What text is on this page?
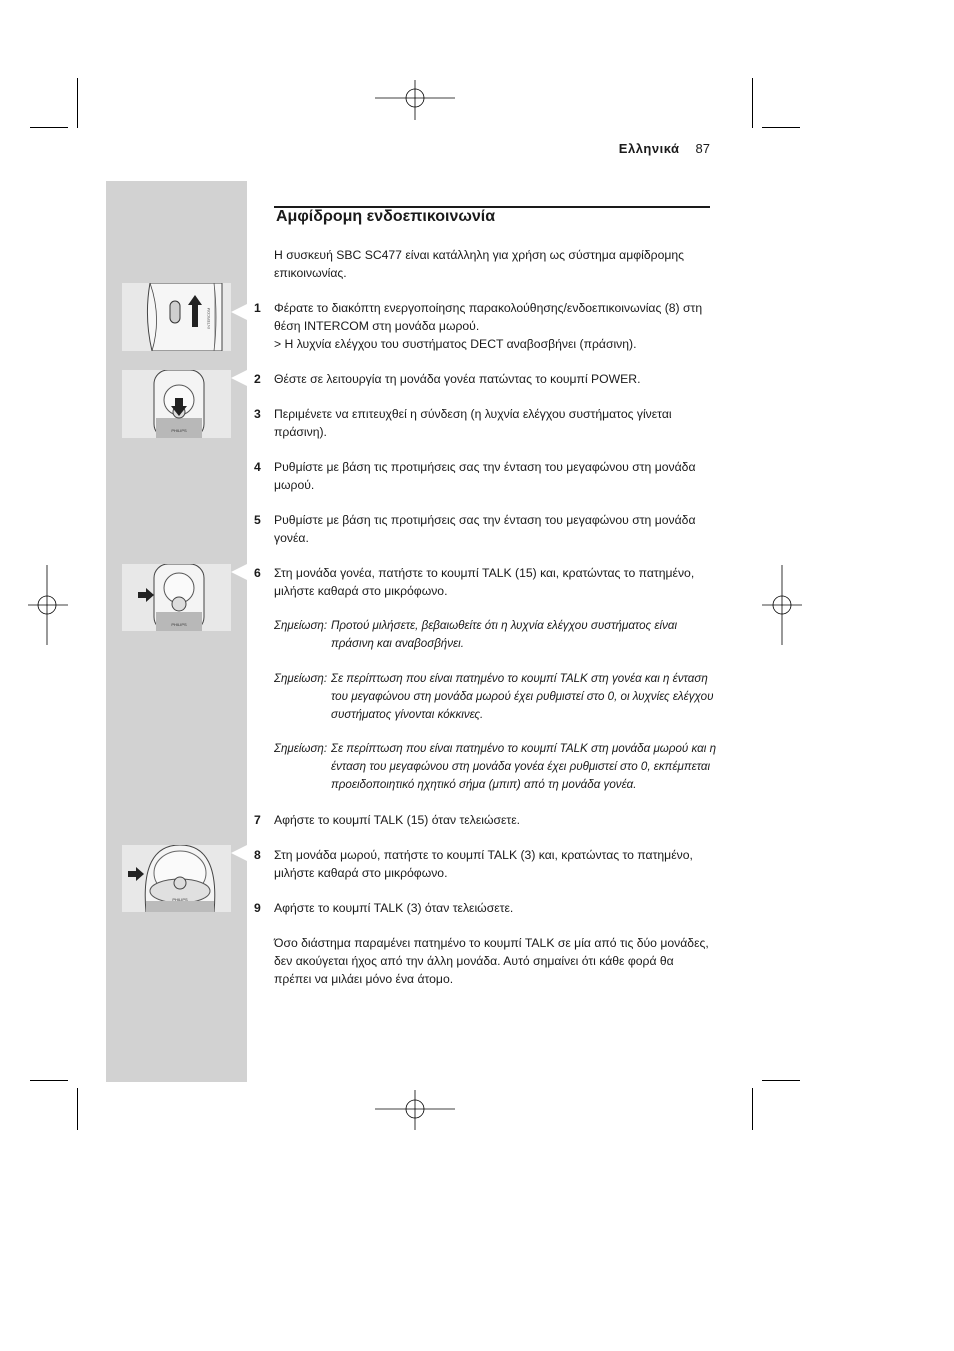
INTERCOM
PHILIPS
PHILIPS
PHILIPS
Ελληνικά 87
Αμφίδρομη ενδοεπικοινωνία
Η συσκευή SBC SC477 είναι κατάλληλη για χρήση ως σύστημα αμφίδρομης επικοινωνίας.
1 Φέρατε το διακόπτη ενεργοποίησης παρακολούθησης/ενδοεπικοινωνίας (8) στη θέση INTERCOM στη μονάδα μωρού.
> Η λυχνία ελέγχου του συστήματος DECT αναβοσβήνει (πράσινη).
2 Θέστε σε λειτουργία τη μονάδα γονέα πατώντας το κουμπί POWER.
3 Περιμένετε να επιτευχθεί η σύνδεση (η λυχνία ελέγχου συστήματος γίνεται πράσινη).
4 Ρυθμίστε με βάση τις προτιμήσεις σας την ένταση του μεγαφώνου στη μονάδα μωρού.
5 Ρυθμίστε με βάση τις προτιμήσεις σας την ένταση του μεγαφώνου στη μονάδα γονέα.
6 Στη μονάδα γονέα, πατήστε το κουμπί TALK (15) και, κρατώντας το πατημένο, μιλήστε καθαρά στο μικρόφωνο.
Σημείωση: Προτού μιλήσετε, βεβαιωθείτε ότι η λυχνία ελέγχου συστήματος είναι πράσινη και αναβοσβήνει.
Σημείωση: Σε περίπτωση που είναι πατημένο το κουμπί TALK στη γονέα και η ένταση του μεγαφώνου στη μονάδα μωρού έχει ρυθμιστεί στο 0, οι λυχνίες ελέγχου συστήματος γίνονται κόκκινες.
Σημείωση: Σε περίπτωση που είναι πατημένο το κουμπί TALK στη μονάδα μωρού και η ένταση του μεγαφώνου στη μονάδα γονέα έχει ρυθμιστεί στο 0, εκπέμπεται προειδοποιητικό ηχητικό σήμα (μπιπ) από τη μονάδα γονέα.
7 Αφήστε το κουμπί TALK (15) όταν τελειώσετε.
8 Στη μονάδα μωρού, πατήστε το κουμπί TALK (3) και, κρατώντας το πατημένο, μιλήστε καθαρά στο μικρόφωνο.
9 Αφήστε το κουμπί TALK (3) όταν τελειώσετε.
Όσο διάστημα παραμένει πατημένο το κουμπί TALK σε μία από τις δύο μονάδες, δεν ακούγεται ήχος από την άλλη μονάδα. Αυτό σημαίνει ότι κάθε φορά θα πρέπει να μιλάει μόνο ένα άτομο.
